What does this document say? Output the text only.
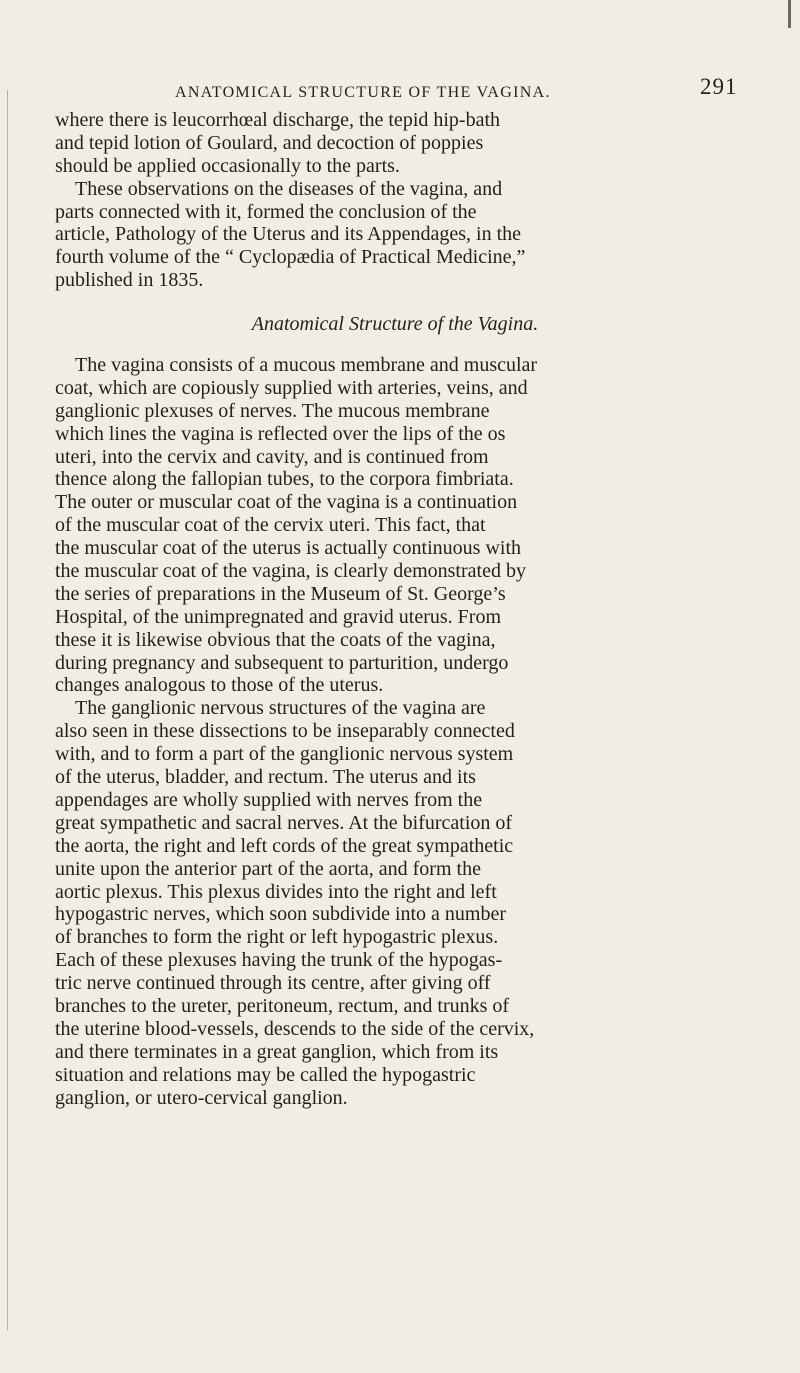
ANATOMICAL STRUCTURE OF THE VAGINA.	291
where there is leucorrhœal discharge, the tepid hip-bath
and tepid lotion of Goulard, and decoction of poppies
should be applied occasionally to the parts.
These observations on the diseases of the vagina, and
parts connected with it, formed the conclusion of the
article, Pathology of the Uterus and its Appendages, in the
fourth volume of the “ Cyclopædia of Practical Medicine,”
published in 1835.
Anatomical Structure of the Vagina.
The vagina consists of a mucous membrane and muscular
coat, which are copiously supplied with arteries, veins, and
ganglionic plexuses of nerves. The mucous membrane
which lines the vagina is reflected over the lips of the os
uteri, into the cervix and cavity, and is continued from
thence along the fallopian tubes, to the corpora fimbriata.
The outer or muscular coat of the vagina is a continuation
of the muscular coat of the cervix uteri. This fact, that
the muscular coat of the uterus is actually continuous with
the muscular coat of the vagina, is clearly demonstrated by
the series of preparations in the Museum of St. George’s
Hospital, of the unimpregnated and gravid uterus. From
these it is likewise obvious that the coats of the vagina,
during pregnancy and subsequent to parturition, undergo
changes analogous to those of the uterus.
The ganglionic nervous structures of the vagina are
also seen in these dissections to be inseparably connected
with, and to form a part of the ganglionic nervous system
of the uterus, bladder, and rectum. The uterus and its
appendages are wholly supplied with nerves from the
great sympathetic and sacral nerves. At the bifurcation of
the aorta, the right and left cords of the great sympathetic
unite upon the anterior part of the aorta, and form the
aortic plexus. This plexus divides into the right and left
hypogastric nerves, which soon subdivide into a number
of branches to form the right or left hypogastric plexus.
Each of these plexuses having the trunk of the hypogas-
tric nerve continued through its centre, after giving off
branches to the ureter, peritoneum, rectum, and trunks of
the uterine blood-vessels, descends to the side of the cervix,
and there terminates in a great ganglion, which from its
situation and relations may be called the hypogastric
ganglion, or utero-cervical ganglion.
